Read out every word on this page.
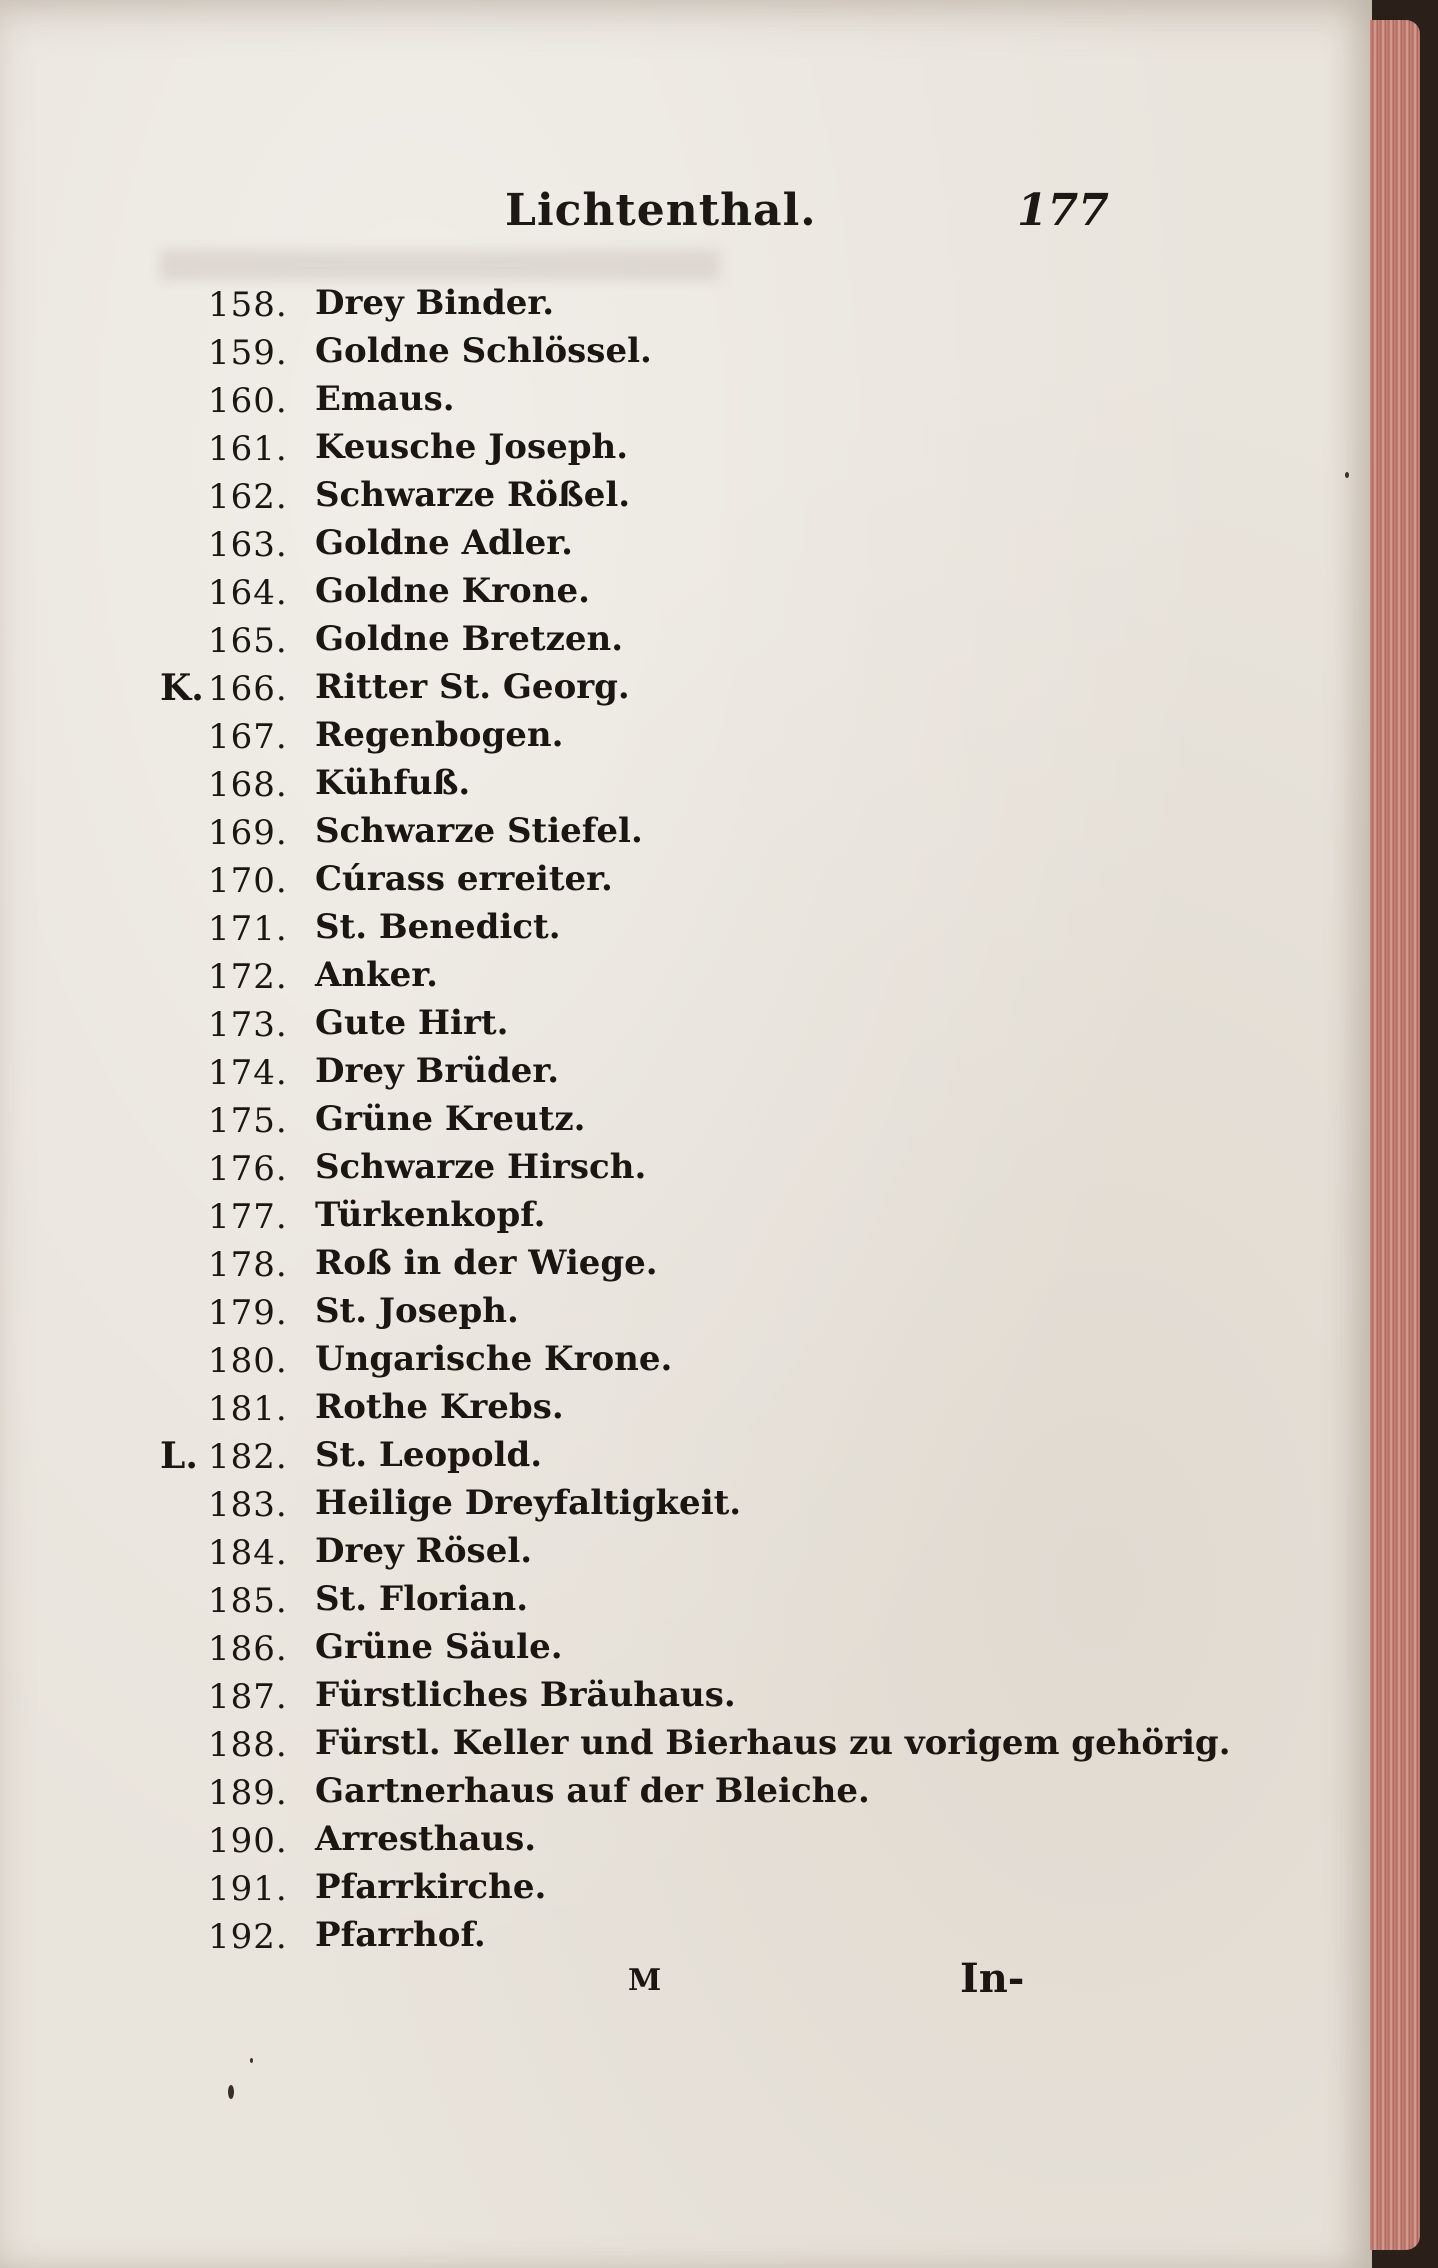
Lichtenthal.	177
158. Drey Binder.
159. Goldne Schlössel.
160. Emaus.
161. Keusche Joseph.
162. Schwarze Rößel.
163. Goldne Adler.
164. Goldne Krone.
165. Goldne Bretzen.
K. 166. Ritter St. Georg.
167. Regenbogen.
168. Kühfuß.
169. Schwarze Stiefel.
170. Cúrass erreiter.
171. St. Benedict.
172. Anker.
173. Gute Hirt.
174. Drey Brüder.
175. Grüne Kreutz.
176. Schwarze Hirsch.
177. Türkenkopf.
178. Roß in der Wiege.
179. St. Joseph.
180. Ungarische Krone.
181. Rothe Krebs.
L. 182. St. Leopold.
183. Heilige Dreyfaltigkeit.
184. Drey Rösel.
185. St. Florian.
186. Grüne Säule.
187. Fürstliches Bräuhaus.
188. Fürstl. Keller und Bierhaus zu vorigem gehörig.
189. Gartnerhaus auf der Bleiche.
190. Arresthaus.
191. Pfarrkirche.
192. Pfarrhof.
M	In-
